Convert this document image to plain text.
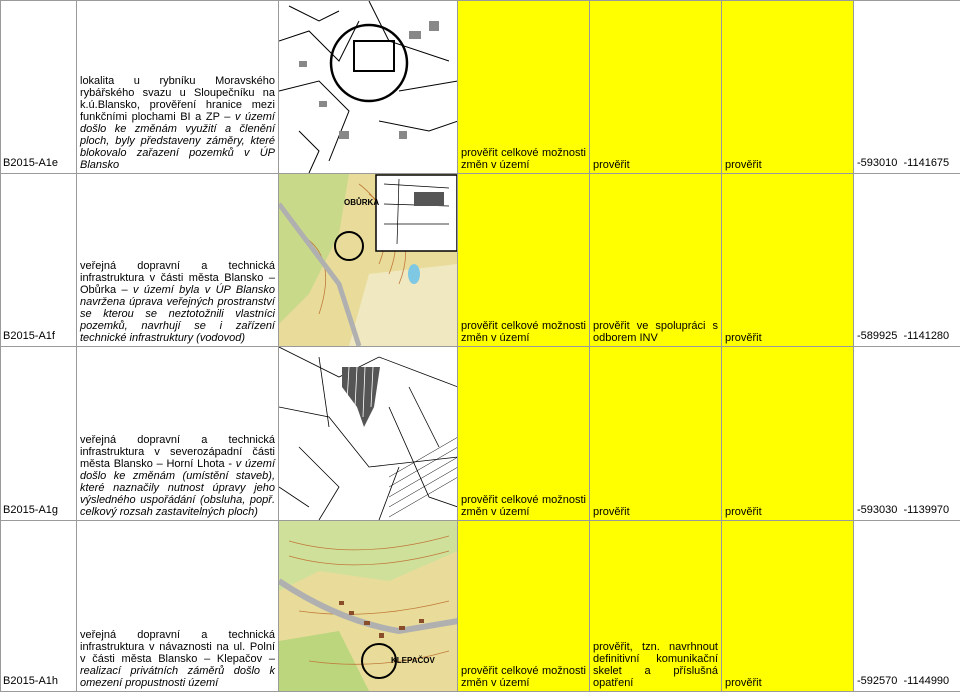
B2015-A1e	lokalita u rybníku Moravského rybářského svazu u Sloupečníku na k.ú.Blansko, prověření hranice mezi funkčními plochami BI a ZP – v území došlo ke změnám využití a členění ploch, byly představeny záměry, které blokovalo zařazení pozemků v ÚP Blansko		prověřit celkové možnosti změn v území	prověřit	prověřit	-593010 -1141675
B2015-A1f	veřejná dopravní a technická infrastruktura v části města Blansko – Obůrka – v území byla v ÚP Blansko navržena úprava veřejných prostranství se kterou se neztotožnili vlastníci pozemků, navrhují se i zařízení technické infrastruktury (vodovod)	OBŮRKA	prověřit celkové možnosti změn v území	prověřit ve spolupráci s odborem INV	prověřit	-589925 -1141280
B2015-A1g	veřejná dopravní a technická infrastruktura v severozápadní části města Blansko – Horní Lhota - v území došlo ke změnám (umístění staveb), které naznačily nutnost úpravy jeho výsledného uspořádání (obsluha, popř. celkový rozsah zastavitelných ploch)		prověřit celkové možnosti změn v území	prověřit	prověřit	-593030 -1139970
B2015-A1h	veřejná dopravní a technická infrastruktura v návaznosti na ul. Polní v části města Blansko – Klepačov – realizací privátních záměrů došlo k omezení propustnosti území	KLEPAČOV	prověřit celkové možnosti změn v území	prověřit, tzn. navrhnout definitivní komunikační skelet a příslušná opatření	prověřit	-592570 -1144990
